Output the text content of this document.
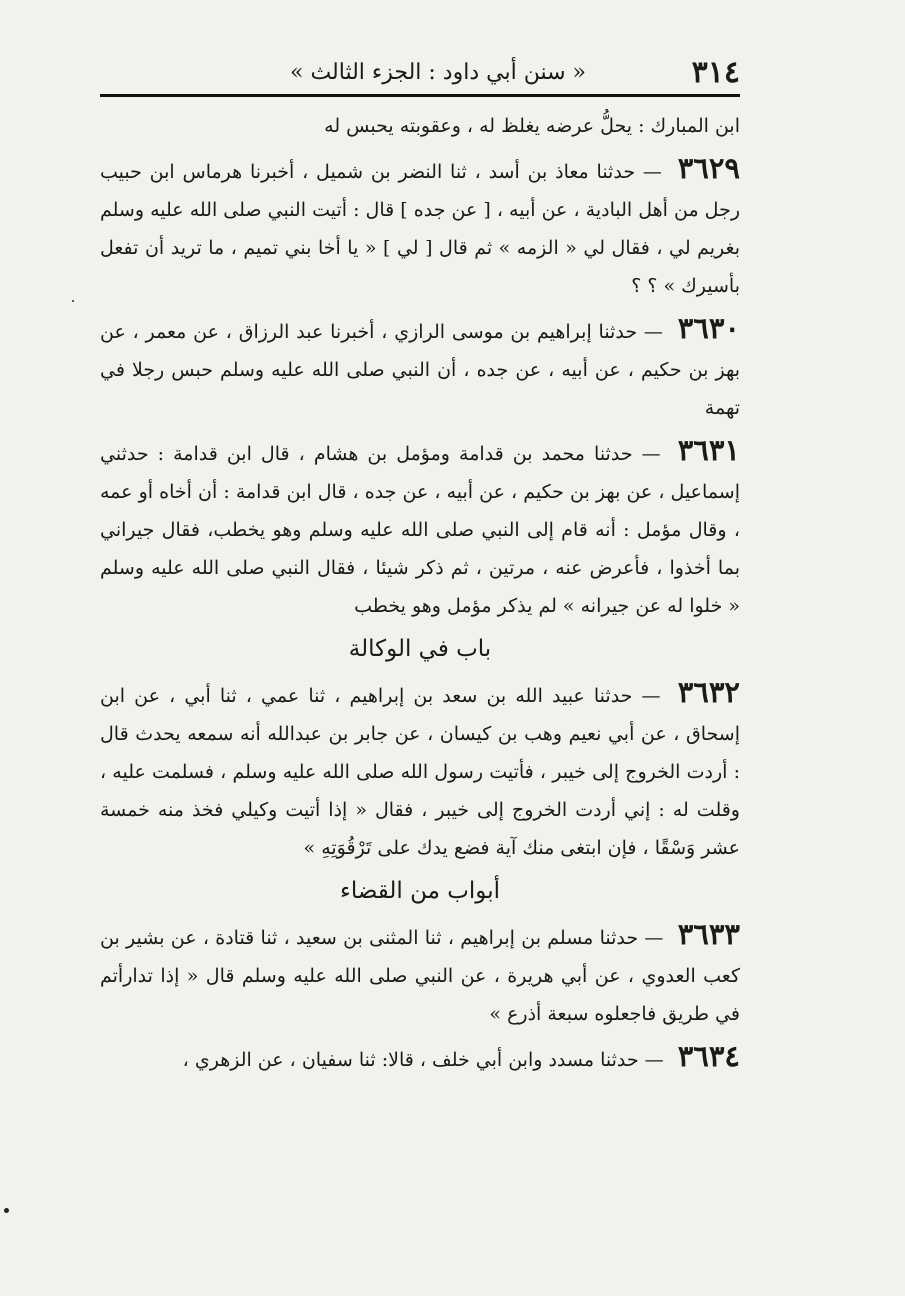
٣١٤
« سنن أبي داود : الجزء الثالث »

ابن المبارك : يحلُّ عرضه يغلظ له ، وعقوبته يحبس له

٣٦٢٩ — حدثنا معاذ بن أسد ، ثنا النضر بن شميل ، أخبرنا هرماس ابن حبيب رجل من أهل البادية ، عن أبيه ، [ عن جده ] قال : أتيت النبي صلى الله عليه وسلم بغريم لي ، فقال لي « الزمه » ثم قال [ لي ] « يا أخا بني تميم ، ما تريد أن تفعل بأسيرك » ؟ ؟

٣٦٣٠ — حدثنا إبراهيم بن موسى الرازي ، أخبرنا عبد الرزاق ، عن معمر ، عن بهز بن حكيم ، عن أبيه ، عن جده ، أن النبي صلى الله عليه وسلم حبس رجلا في تهمة

٣٦٣١ — حدثنا محمد بن قدامة ومؤمل بن هشام ، قال ابن قدامة : حدثني إسماعيل ، عن بهز بن حكيم ، عن أبيه ، عن جده ، قال ابن قدامة : أن أخاه أو عمه ، وقال مؤمل : أنه قام إلى النبي صلى الله عليه وسلم وهو يخطب، فقال جيراني بما أخذوا ، فأعرض عنه ، مرتين ، ثم ذكر شيئا ، فقال النبي صلى الله عليه وسلم « خلوا له عن جيرانه » لم يذكر مؤمل وهو يخطب

باب في الوكالة

٣٦٣٢ — حدثنا عبيد الله بن سعد بن إبراهيم ، ثنا عمي ، ثنا أبي ، عن ابن إسحاق ، عن أبي نعيم وهب بن كيسان ، عن جابر بن عبدالله أنه سمعه يحدث قال : أردت الخروج إلى خيبر ، فأتيت رسول الله صلى الله عليه وسلم ، فسلمت عليه ، وقلت له : إني أردت الخروج إلى خيبر ، فقال « إذا أتيت وكيلي فخذ منه خمسة عشر وَسْقًا ، فإن ابتغى منك آية فضع يدك على تَرْقُوَتِهِ »

أبواب من القضاء

٣٦٣٣ — حدثنا مسلم بن إبراهيم ، ثنا المثنى بن سعيد ، ثنا قتادة ، عن بشير بن كعب العدوي ، عن أبي هريرة ، عن النبي صلى الله عليه وسلم قال « إذا تدارأتم في طريق فاجعلوه سبعة أذرع »

٣٦٣٤ — حدثنا مسدد وابن أبي خلف ، قالا: ثنا سفيان ، عن الزهري ،
